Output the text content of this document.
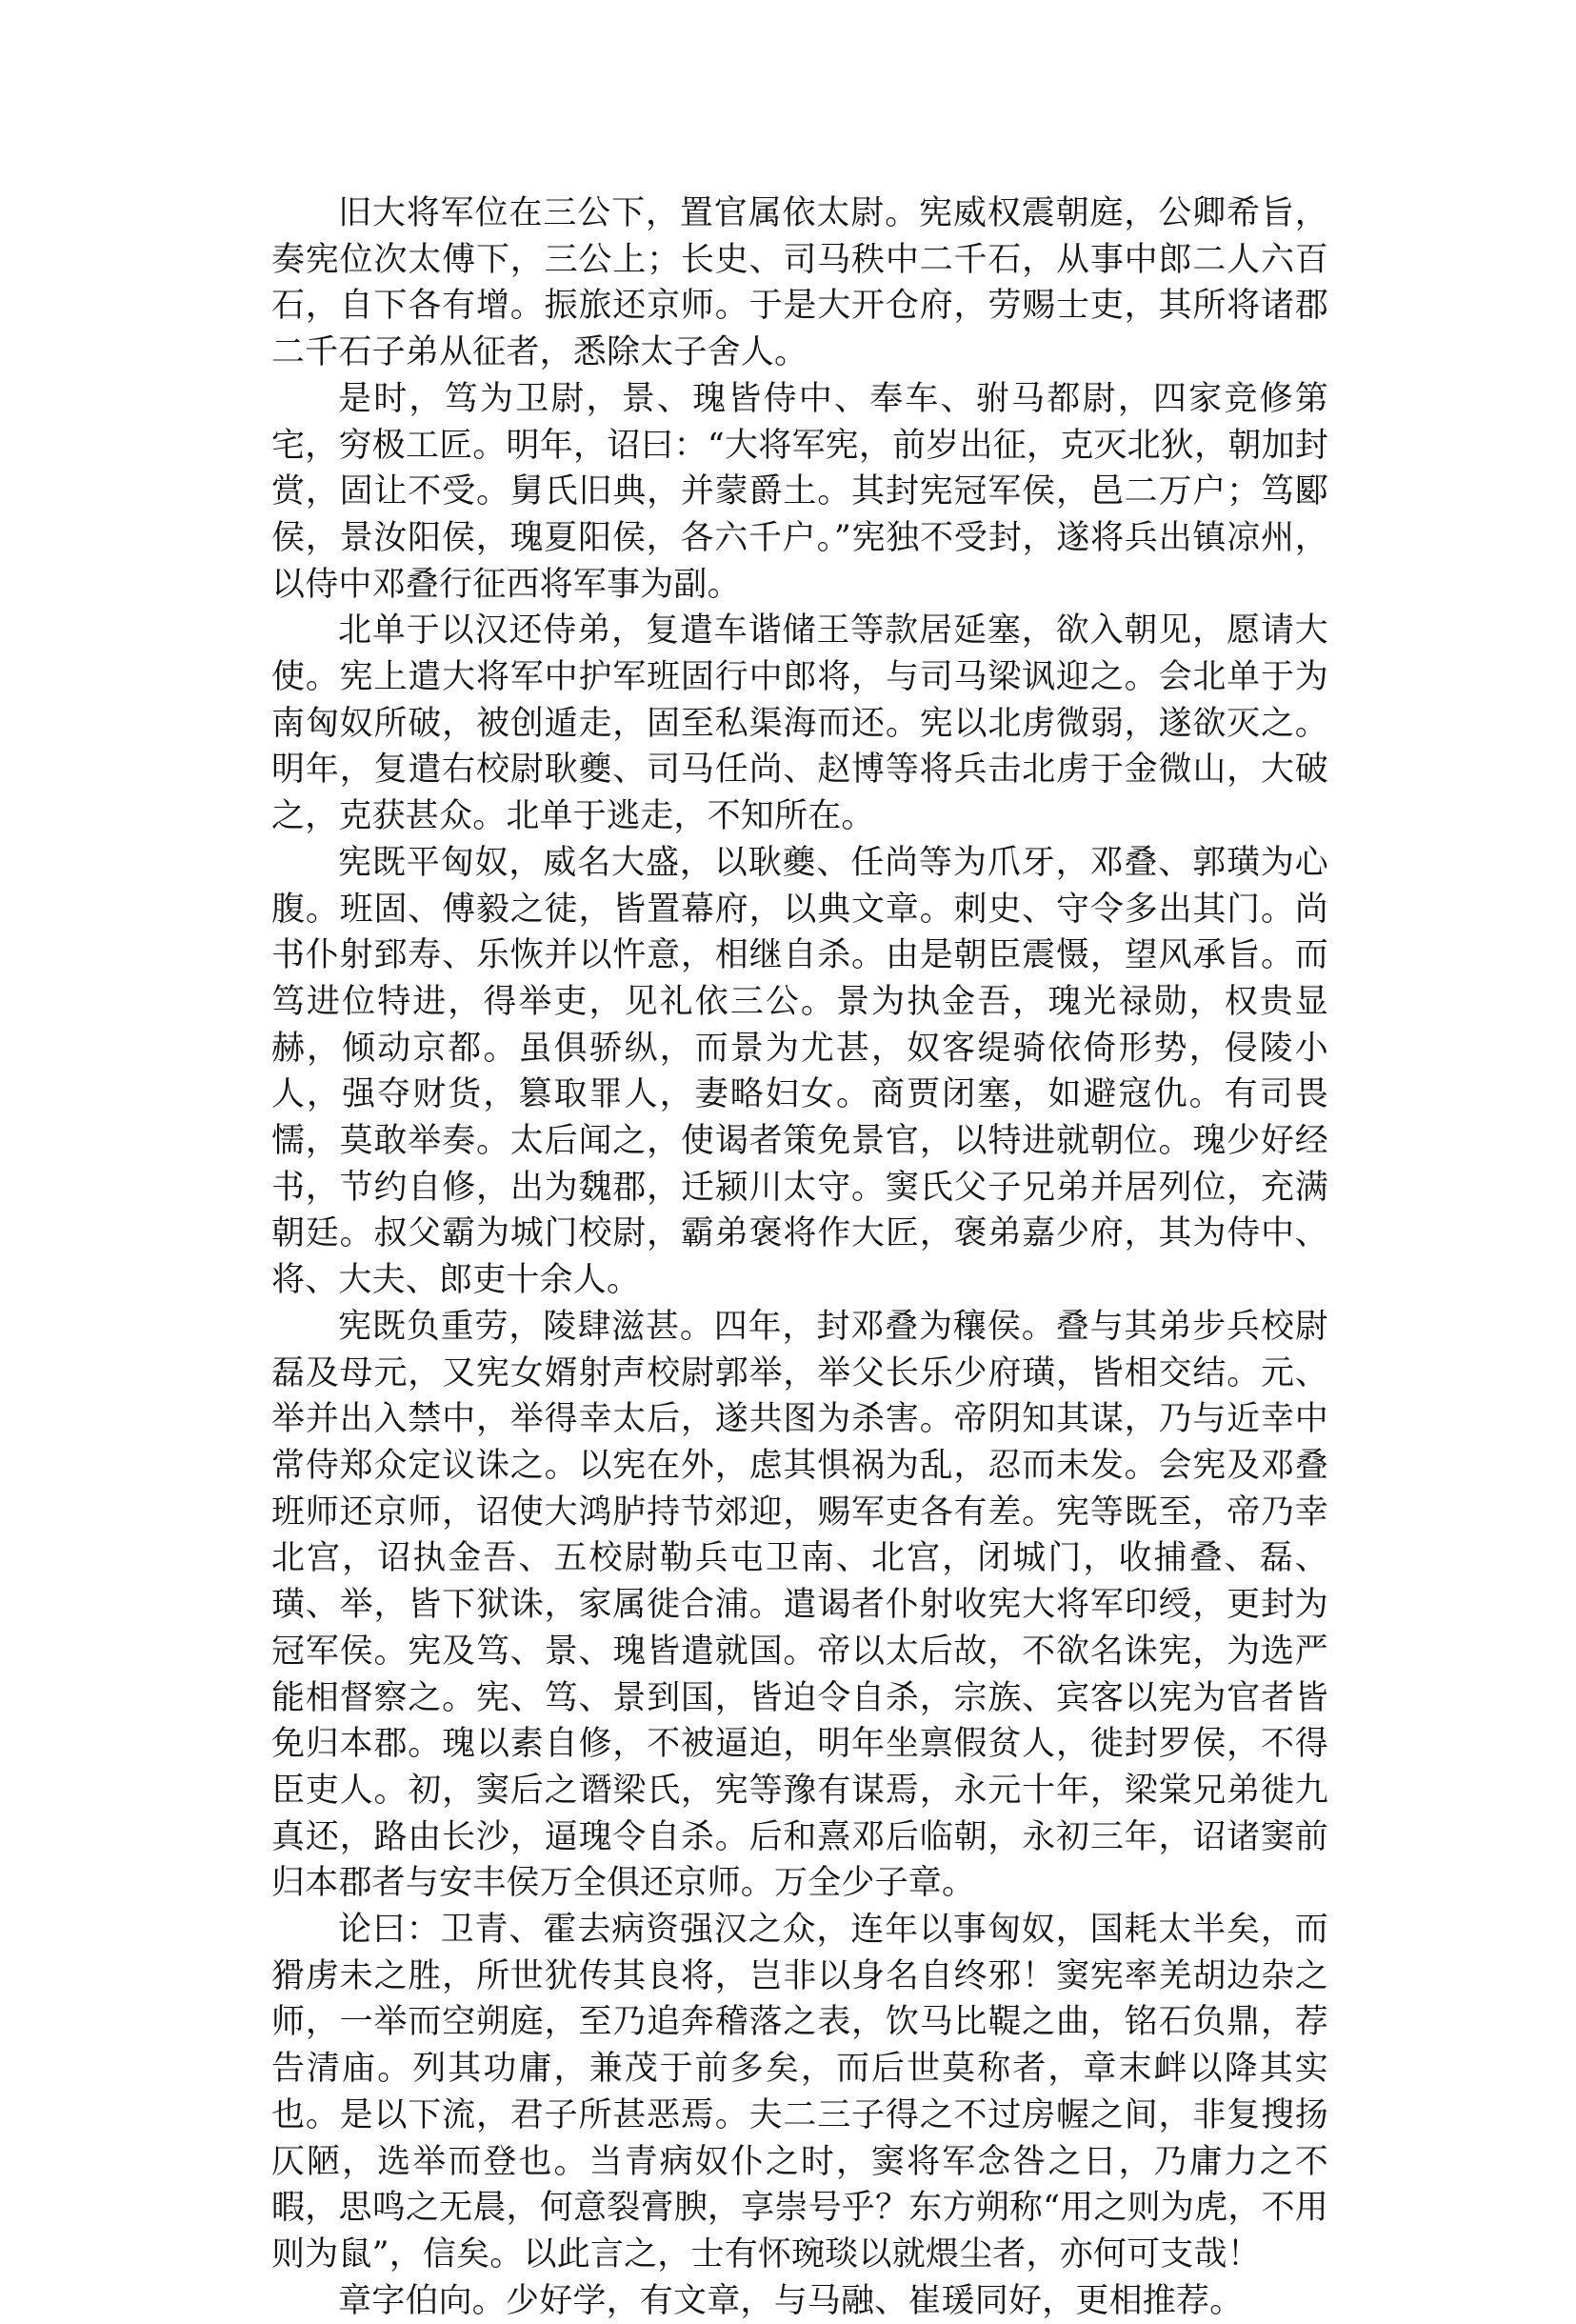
旧大将军位在三公下，置官属依太尉。宪威权震朝庭，公卿希旨，奏宪位次太傅下，三公上；长史、司马秩中二千石，从事中郎二人六百石，自下各有增。振旅还京师。于是大开仓府，劳赐士吏，其所将诸郡二千石子弟从征者，悉除太子舍人。

是时，笃为卫尉，景、瑰皆侍中、奉车、驸马都尉，四家竞修第宅，穷极工匠。明年，诏曰：“大将军宪，前岁出征，克灭北狄，朝加封赏，固让不受。舅氏旧典，并蒙爵土。其封宪冠军侯，邑二万户；笃郾侯，景汝阳侯，瑰夏阳侯，各六千户。”宪独不受封，遂将兵出镇凉州，以侍中邓叠行征西将军事为副。

北单于以汉还侍弟，复遣车谐储王等款居延塞，欲入朝见，愿请大使。宪上遣大将军中护军班固行中郎将，与司马梁讽迎之。会北单于为南匈奴所破，被创遁走，固至私渠海而还。宪以北虏微弱，遂欲灭之。明年，复遣右校尉耿夔、司马任尚、赵博等将兵击北虏于金微山，大破之，克获甚众。北单于逃走，不知所在。

宪既平匈奴，威名大盛，以耿夔、任尚等为爪牙，邓叠、郭璜为心腹。班固、傅毅之徒，皆置幕府，以典文章。刺史、守令多出其门。尚书仆射郅寿、乐恢并以忤意，相继自杀。由是朝臣震慑，望风承旨。而笃进位特进，得举吏，见礼依三公。景为执金吾，瑰光禄勋，权贵显赫，倾动京都。虽俱骄纵，而景为尤甚，奴客缇骑依倚形势，侵陵小人，强夺财货，篡取罪人，妻略妇女。商贾闭塞，如避寇仇。有司畏懦，莫敢举奏。太后闻之，使谒者策免景官，以特进就朝位。瑰少好经书，节约自修，出为魏郡，迁颍川太守。窦氏父子兄弟并居列位，充满朝廷。叔父霸为城门校尉，霸弟褒将作大匠，褒弟嘉少府，其为侍中、将、大夫、郎吏十余人。

宪既负重劳，陵肆滋甚。四年，封邓叠为穰侯。叠与其弟步兵校尉磊及母元，又宪女婿射声校尉郭举，举父长乐少府璜，皆相交结。元、举并出入禁中，举得幸太后，遂共图为杀害。帝阴知其谋，乃与近幸中常侍郑众定议诛之。以宪在外，虑其惧祸为乱，忍而未发。会宪及邓叠班师还京师，诏使大鸿胪持节郊迎，赐军吏各有差。宪等既至，帝乃幸北宫，诏执金吾、五校尉勒兵屯卫南、北宫，闭城门，收捕叠、磊、璜、举，皆下狱诛，家属徙合浦。遣谒者仆射收宪大将军印绶，更封为冠军侯。宪及笃、景、瑰皆遣就国。帝以太后故，不欲名诛宪，为选严能相督察之。宪、笃、景到国，皆迫令自杀，宗族、宾客以宪为官者皆免归本郡。瑰以素自修，不被逼迫，明年坐禀假贫人，徙封罗侯，不得臣吏人。初，窦后之谮梁氏，宪等豫有谋焉，永元十年，梁棠兄弟徙九真还，路由长沙，逼瑰令自杀。后和熹邓后临朝，永初三年，诏诸窦前归本郡者与安丰侯万全俱还京师。万全少子章。

论曰：卫青、霍去病资强汉之众，连年以事匈奴，国耗太半矣，而猾虏未之胜，所世犹传其良将，岂非以身名自终邪！窦宪率羌胡边杂之师，一举而空朔庭，至乃追奔稽落之表，饮马比鞮之曲，铭石负鼎，荐告清庙。列其功庸，兼茂于前多矣，而后世莫称者，章末衅以降其实也。是以下流，君子所甚恶焉。夫二三子得之不过房幄之间，非复搜扬仄陋，选举而登也。当青病奴仆之时，窦将军念咎之日，乃庸力之不暇，思鸣之无晨，何意裂膏腴，享崇号乎？东方朔称“用之则为虎，不用则为鼠”，信矣。以此言之，士有怀琬琰以就煨尘者，亦何可支哉！

章字伯向。少好学，有文章，与马融、崔瑗同好，更相推荐。
